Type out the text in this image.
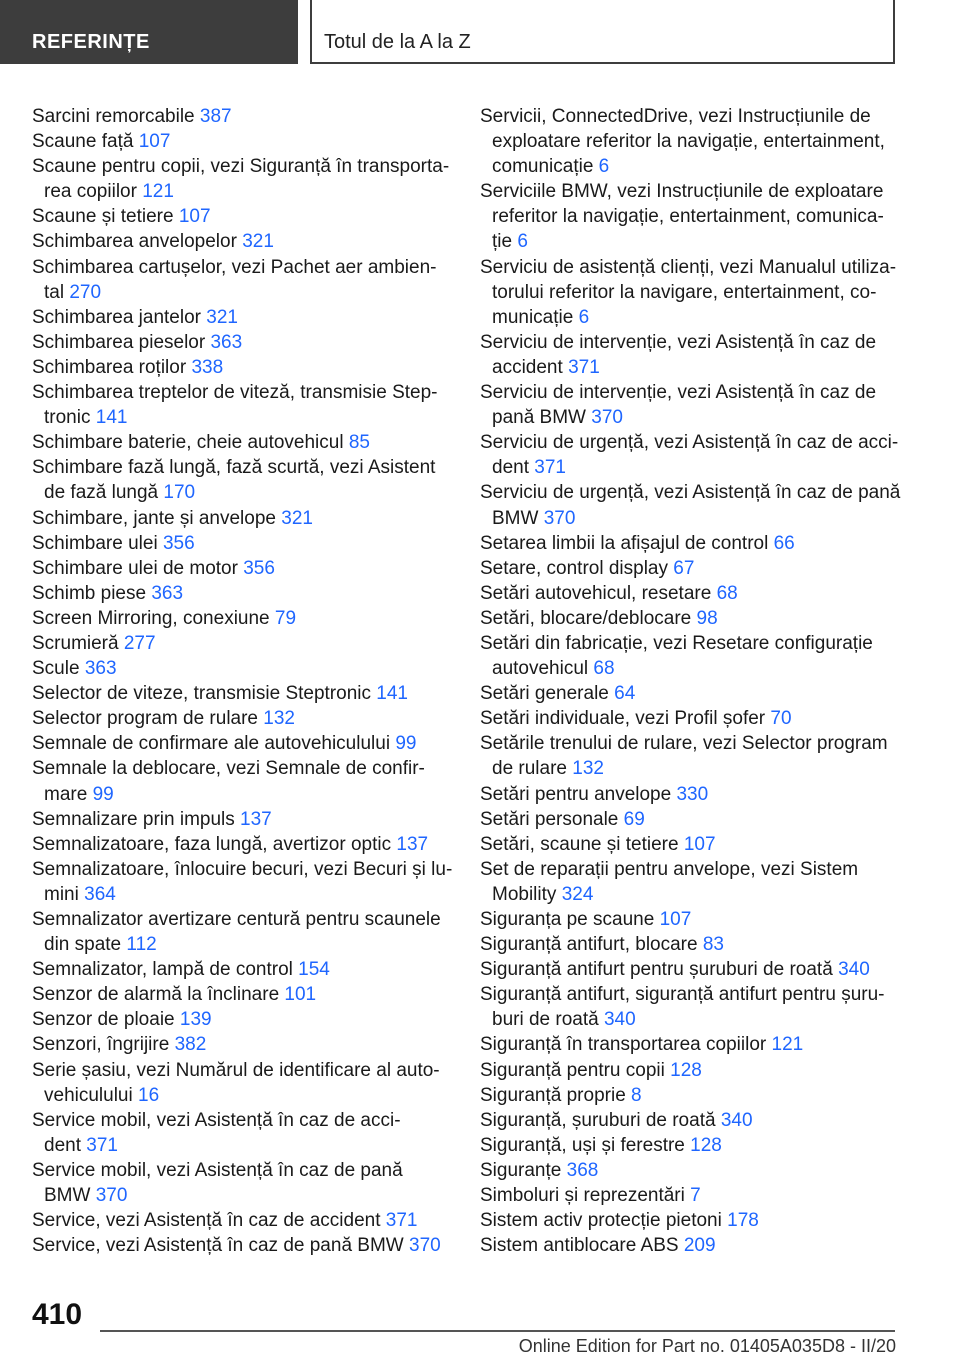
REFERINȚE	Totul de la A la Z
Sarcini remorcabile 387
Scaune față 107
Scaune pentru copii, vezi Siguranță în transporta-
rea copiilor 121
Scaune și tetiere 107
Schimbarea anvelopelor 321
Schimbarea cartușelor, vezi Pachet aer ambien-
tal 270
Schimbarea jantelor 321
Schimbarea pieselor 363
Schimbarea roților 338
Schimbarea treptelor de viteză, transmisie Step-
tronic 141
Schimbare baterie, cheie autovehicul 85
Schimbare fază lungă, fază scurtă, vezi Asistent
de fază lungă 170
Schimbare, jante și anvelope 321
Schimbare ulei 356
Schimbare ulei de motor 356
Schimb piese 363
Screen Mirroring, conexiune 79
Scrumieră 277
Scule 363
Selector de viteze, transmisie Steptronic 141
Selector program de rulare 132
Semnale de confirmare ale autovehiculului 99
Semnale la deblocare, vezi Semnale de confir-
mare 99
Semnalizare prin impuls 137
Semnalizatoare, faza lungă, avertizor optic 137
Semnalizatoare, înlocuire becuri, vezi Becuri și lu-
mini 364
Semnalizator avertizare centură pentru scaunele
din spate 112
Semnalizator, lampă de control 154
Senzor de alarmă la înclinare 101
Senzor de ploaie 139
Senzori, îngrijire 382
Serie șasiu, vezi Numărul de identificare al auto-
vehiculului 16
Service mobil, vezi Asistență în caz de acci-
dent 371
Service mobil, vezi Asistență în caz de pană
BMW 370
Service, vezi Asistență în caz de accident 371
Service, vezi Asistență în caz de pană BMW 370
Servicii, ConnectedDrive, vezi Instrucțiunile de
exploatare referitor la navigație, entertainment,
comunicație 6
Serviciile BMW, vezi Instrucțiunile de exploatare
referitor la navigație, entertainment, comunica-
ție 6
Serviciu de asistență clienți, vezi Manualul utiliza-
torului referitor la navigare, entertainment, co-
municație 6
Serviciu de intervenție, vezi Asistență în caz de
accident 371
Serviciu de intervenție, vezi Asistență în caz de
pană BMW 370
Serviciu de urgență, vezi Asistență în caz de acci-
dent 371
Serviciu de urgență, vezi Asistență în caz de pană
BMW 370
Setarea limbii la afișajul de control 66
Setare, control display 67
Setări autovehicul, resetare 68
Setări, blocare/deblocare 98
Setări din fabricație, vezi Resetare configurație
autovehicul 68
Setări generale 64
Setări individuale, vezi Profil șofer 70
Setările trenului de rulare, vezi Selector program
de rulare 132
Setări pentru anvelope 330
Setări personale 69
Setări, scaune și tetiere 107
Set de reparații pentru anvelope, vezi Sistem
Mobility 324
Siguranța pe scaune 107
Siguranță antifurt, blocare 83
Siguranță antifurt pentru șuruburi de roată 340
Siguranță antifurt, siguranță antifurt pentru șuru-
buri de roată 340
Siguranță în transportarea copiilor 121
Siguranță pentru copii 128
Siguranță proprie 8
Siguranță, șuruburi de roată 340
Siguranță, uși și ferestre 128
Siguranțe 368
Simboluri și reprezentări 7
Sistem activ protecție pietoni 178
Sistem antiblocare ABS 209
410
Online Edition for Part no. 01405A035D8 - II/20
